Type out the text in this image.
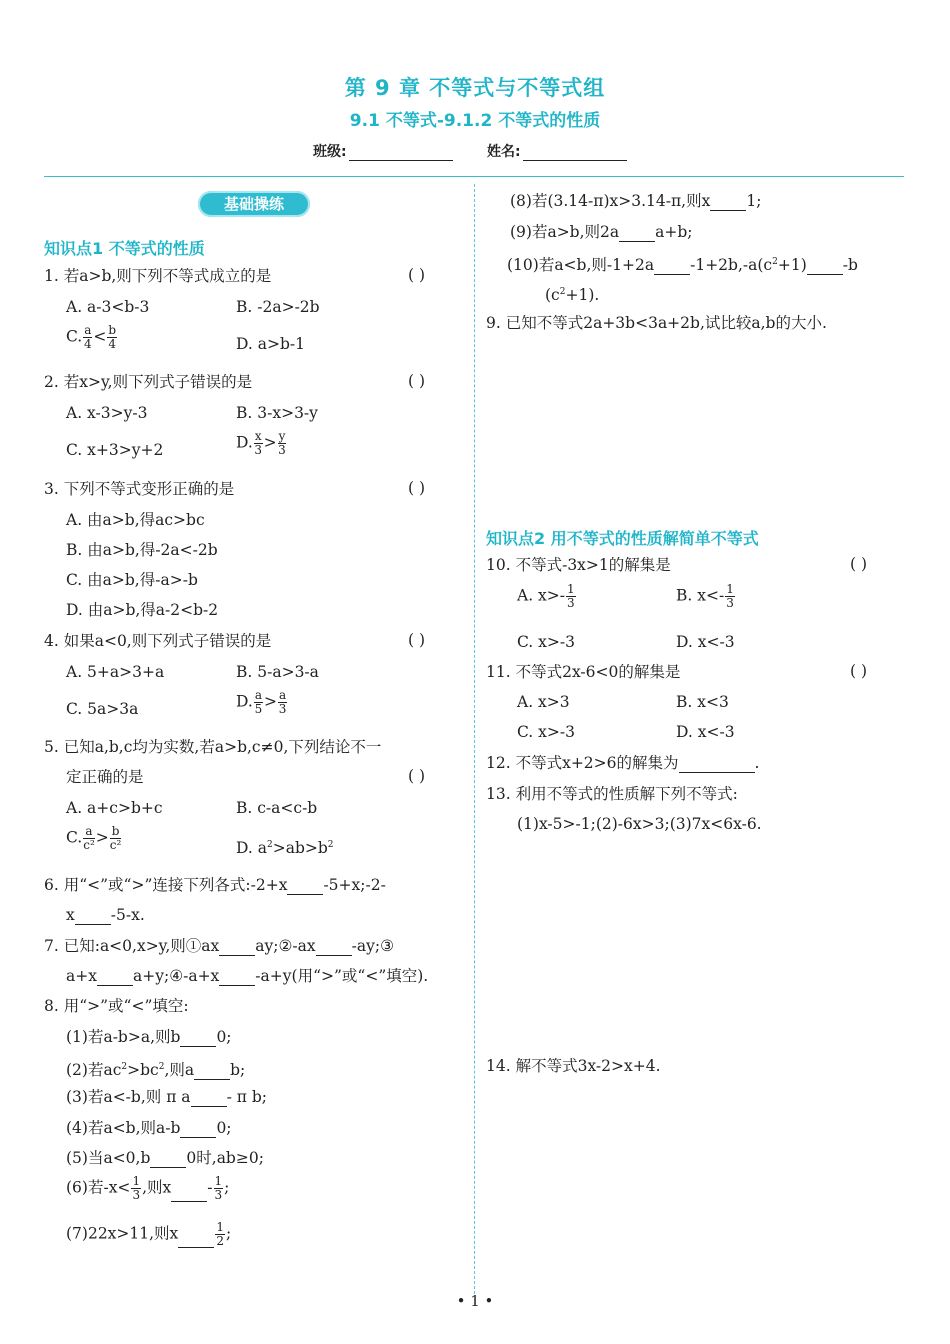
第 9 章 不等式与不等式组
9.1 不等式-9.1.2 不等式的性质
班级:	姓名:
基础操练
知识点1 不等式的性质
1. 若a>b,则下列不等式成立的是	( )
A. a-3<b-3	B. -2a>-2b
C. $\frac{a}{4} < \frac{b}{4}$	D. a>b-1
2. 若x>y,则下列式子错误的是	( )
A. x-3>y-3	B. 3-x>3-y
C. x+3>y+2	D. $\frac{x}{3} > \frac{y}{3}$
3. 下列不等式变形正确的是	( )
A. 由a>b,得ac>bc
B. 由a>b,得-2a<-2b
C. 由a>b,得-a>-b
D. 由a>b,得a-2<b-2
4. 如果a<0,则下列式子错误的是	( )
A. 5+a>3+a	B. 5-a>3-a
C. 5a>3a	D. $\frac{a}{5} > \frac{a}{3}$
5. 已知a,b,c均为实数,若a>b,c≠0,下列结论不一
定正确的是	( )
A. a+c>b+c	B. c-a<c-b
C. $\frac{a}{\text{c²}} > \frac{b}{\text{c²}}$	D. $a^2>ab>b^2$
6. 用“<”或“>”连接下列各式:-2+x -5+x;-2-
x -5-x.
7. 已知:a<0,x>y,则①ax ay;②-ax -ay;③
a+x a+y;④-a+x -a+y(用“>”或“<”填空).
8. 用“>”或“<”填空:
(1)若a-b>a,则b 0;
(2)若$ac^2>bc^2$,则a b;
(3)若a<-b,则 π a - π b;
(4)若a<b,则a-b 0;
(5)当a<0,b 0时,ab≥0;
(6)若$-x< \frac{1}{3}$ ,则x - $\frac{1}{3}$ ;
(7)22x>11,则x	$\frac{1}{2}$ ;
(8)若(3.14-π)x>3.14-π,则x 1;
(9)若a>b,则2a a+b;
(10)若a<b,则-1+2a $-1+2b,-a(c^2+1)$ -b
$(c^2+1)$.
9. 已知不等式2a+3b<3a+2b,试比较a,b的大小.
知识点2 用不等式的性质解简单不等式
10. 不等式-3x>1的解集是	( )
A. $x>- \frac{1}{3}$	B. $x<- \frac{1}{3}$
C. x>-3	D. x<-3
11. 不等式2x-6<0的解集是	( )
A. x>3	B. x<3
C. x>-3	D. x<-3
12. 不等式x+2>6的解集为	.
13. 利用不等式的性质解下列不等式:
(1)x-5>-1;(2)-6x>3;(3)7x<6x-6.
14. 解不等式3x-2>x+4.
• 1 •
